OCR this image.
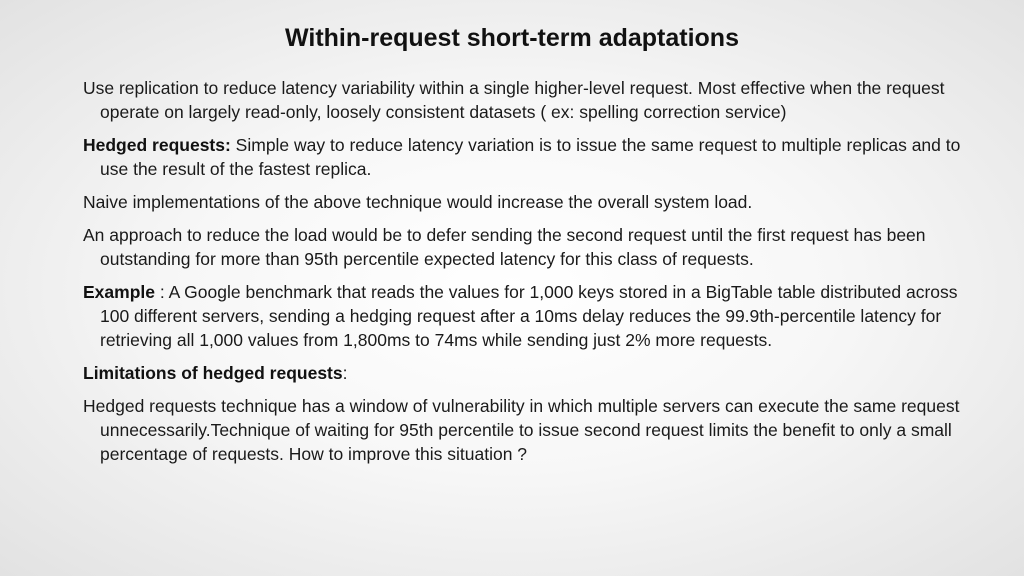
Within-request short-term adaptations

Use replication to reduce latency variability within a single higher-level request. Most effective when the request operate on largely read-only, loosely consistent datasets ( ex: spelling correction service)

Hedged requests: Simple way to reduce latency variation is to issue the same request to multiple replicas and to use the result of the fastest replica.

Naive implementations of the above technique would increase the overall system load.

An approach to reduce the load would be to defer sending the second request until the first request has been outstanding for more than 95th percentile expected latency for this class of requests.

Example : A Google benchmark that reads the values for 1,000 keys stored in a BigTable table distributed across 100 different servers, sending a hedging request after a 10ms delay reduces the 99.9th-percentile latency for retrieving all 1,000 values from 1,800ms to 74ms while sending just 2% more requests.

Limitations of hedged requests:

Hedged requests technique has a window of vulnerability in which multiple servers can execute the same request unnecessarily.Technique of waiting for 95th percentile to issue second request limits the benefit to only a small percentage of requests. How to improve this situation ?
